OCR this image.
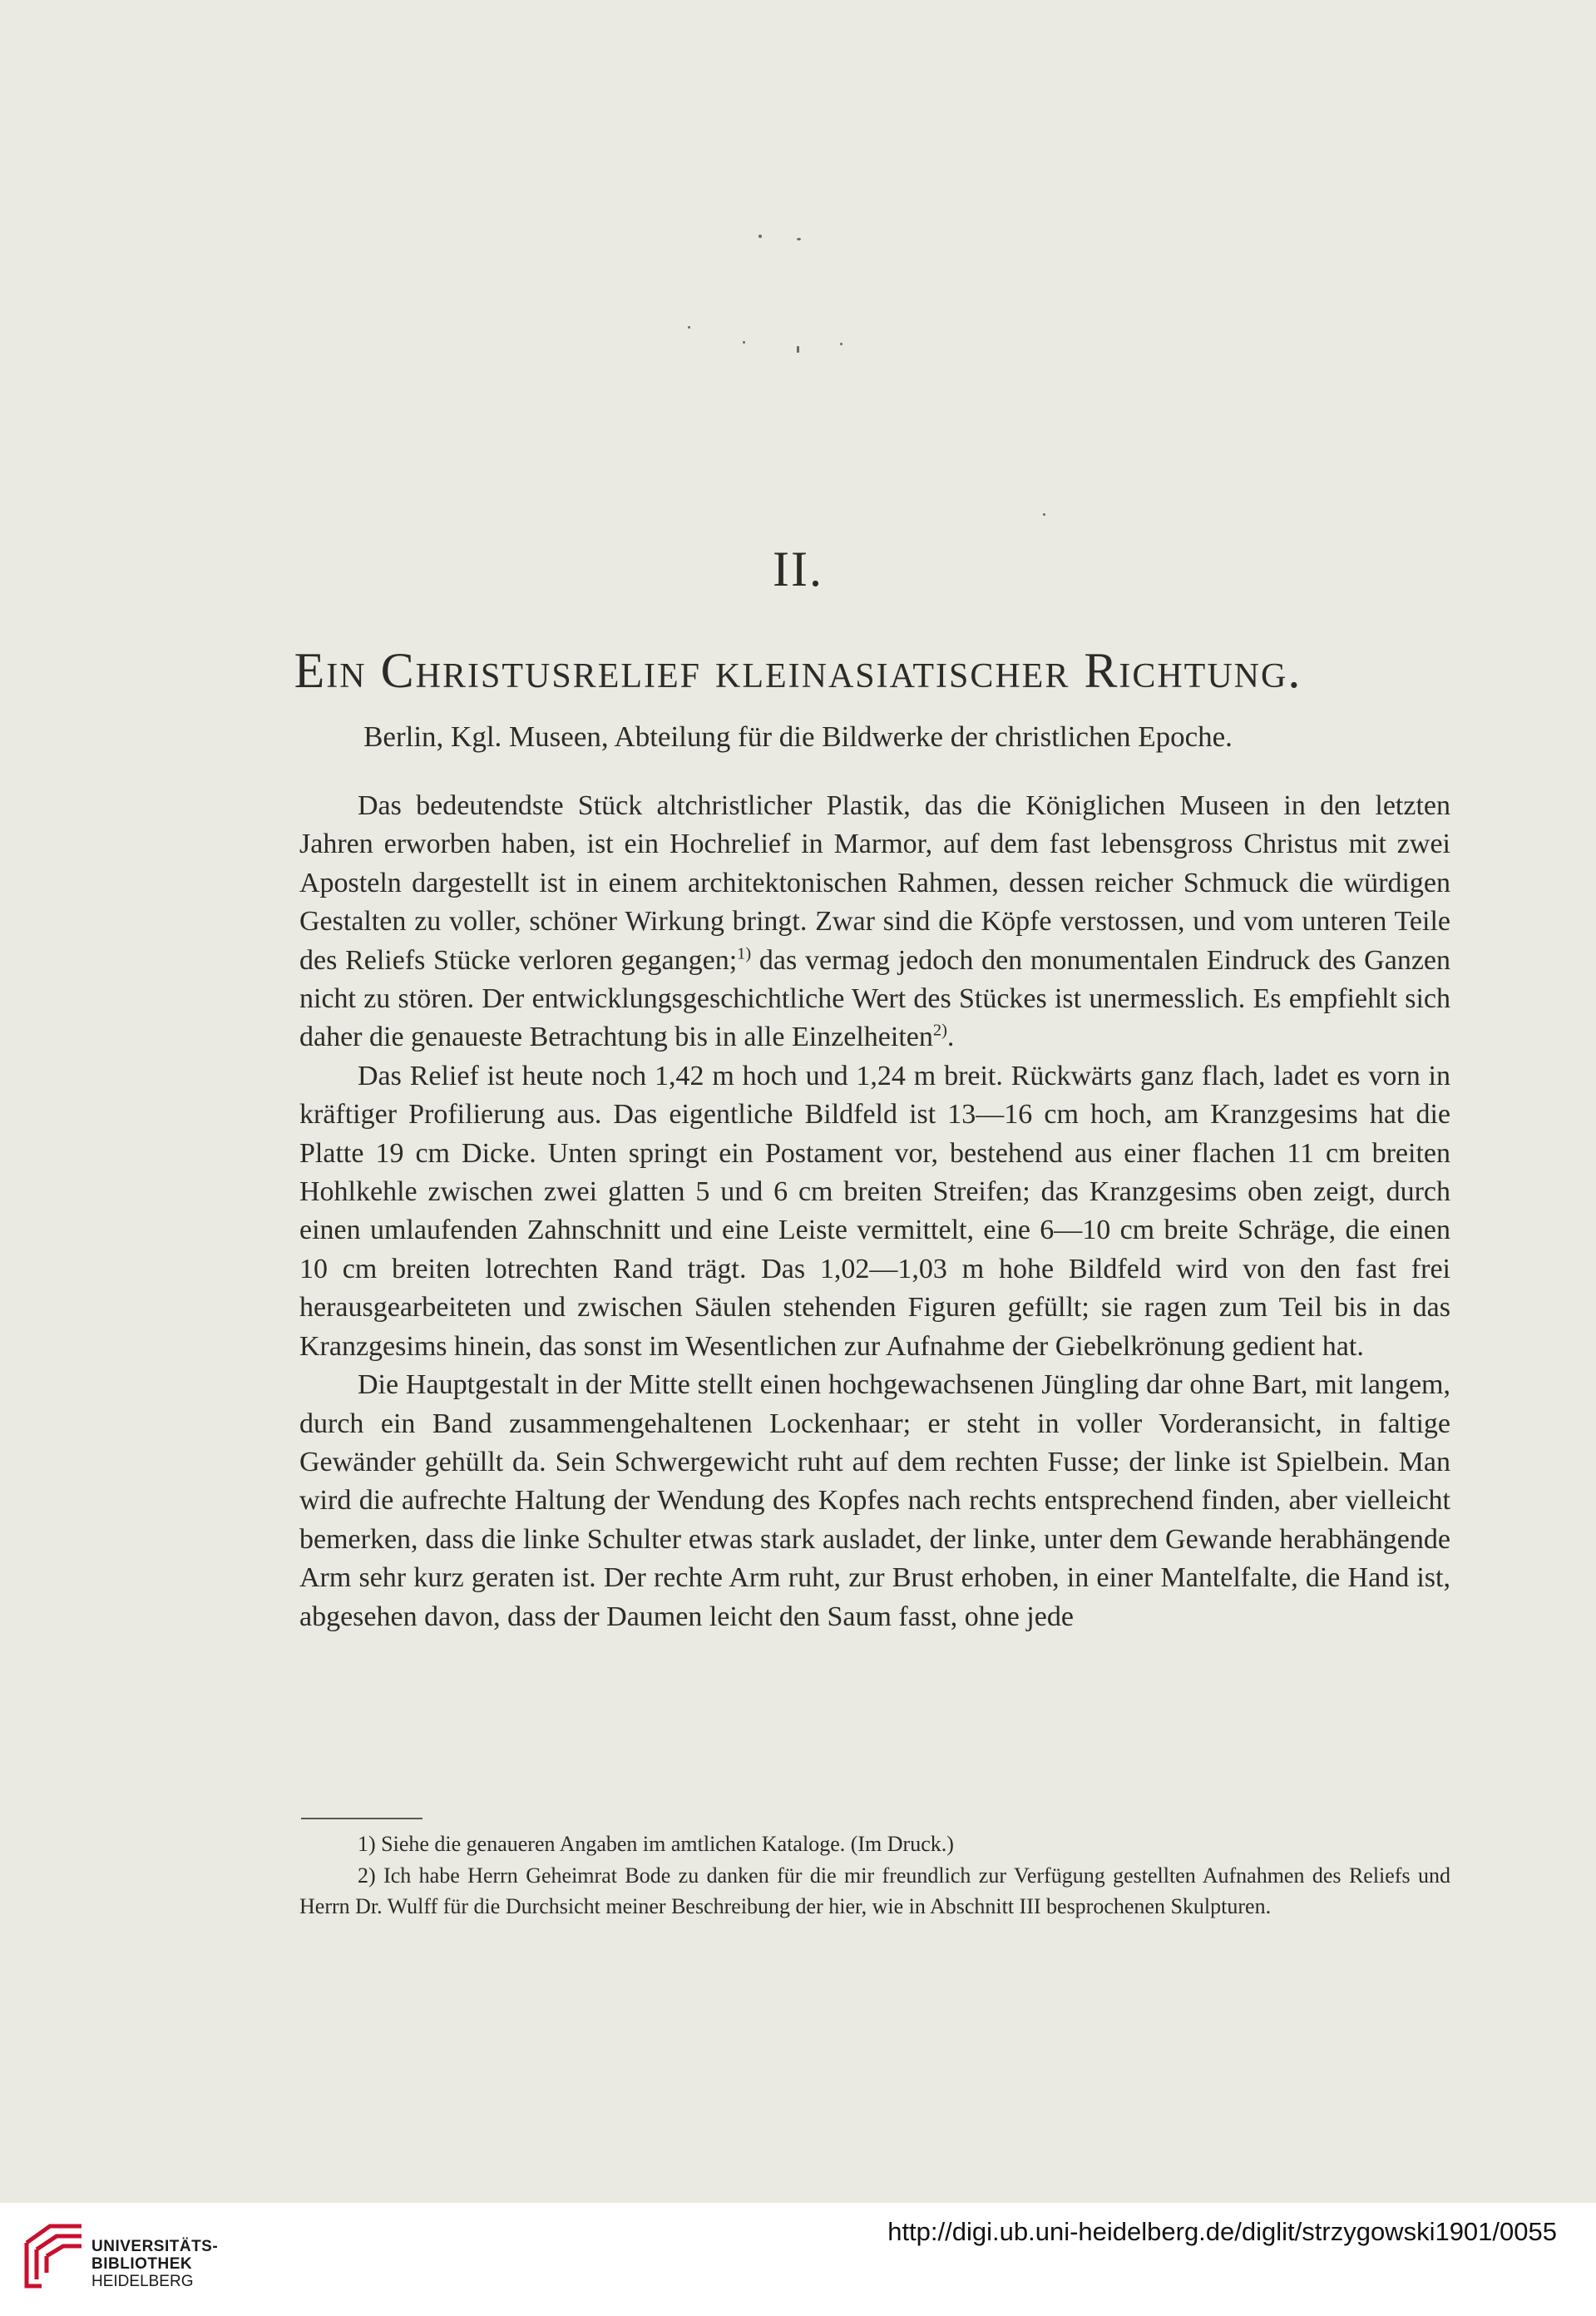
II.
Ein Christusrelief kleinasiatischer Richtung.

Berlin, Kgl. Museen, Abteilung für die Bildwerke der christlichen Epoche.

Das bedeutendste Stück altchristlicher Plastik, das die Königlichen Museen in den letzten Jahren erworben haben, ist ein Hochrelief in Marmor, auf dem fast lebensgross Christus mit zwei Aposteln dargestellt ist in einem architektonischen Rahmen, dessen reicher Schmuck die würdigen Gestalten zu voller, schöner Wirkung bringt. Zwar sind die Köpfe verstossen, und vom unteren Teile des Reliefs Stücke verloren gegangen;$^{1)}$ das vermag jedoch den monumentalen Eindruck des Ganzen nicht zu stören. Der entwicklungsgeschichtliche Wert des Stückes ist unermesslich. Es empfiehlt sich daher die genaueste Betrachtung bis in alle Einzelheiten$^{2)}$.

Das Relief ist heute noch 1,42 m hoch und 1,24 m breit. Rückwärts ganz flach, ladet es vorn in kräftiger Profilierung aus. Das eigentliche Bildfeld ist 13—16 cm hoch, am Kranzgesims hat die Platte 19 cm Dicke. Unten springt ein Postament vor, bestehend aus einer flachen 11 cm breiten Hohlkehle zwischen zwei glatten 5 und 6 cm breiten Streifen; das Kranzgesims oben zeigt, durch einen umlaufenden Zahnschnitt und eine Leiste vermittelt, eine 6—10 cm breite Schräge, die einen 10 cm breiten lotrechten Rand trägt. Das 1,02—1,03 m hohe Bildfeld wird von den fast frei herausgearbeiteten und zwischen Säulen stehenden Figuren gefüllt; sie ragen zum Teil bis in das Kranzgesims hinein, das sonst im Wesentlichen zur Aufnahme der Giebelkrönung gedient hat.

Die Hauptgestalt in der Mitte stellt einen hochgewachsenen Jüngling dar ohne Bart, mit langem, durch ein Band zusammengehaltenen Lockenhaar; er steht in voller Vorderansicht, in faltige Gewänder gehüllt da. Sein Schwergewicht ruht auf dem rechten Fusse; der linke ist Spielbein. Man wird die aufrechte Haltung der Wendung des Kopfes nach rechts entsprechend finden, aber vielleicht bemerken, dass die linke Schulter etwas stark ausladet, der linke, unter dem Gewande herabhängende Arm sehr kurz geraten ist. Der rechte Arm ruht, zur Brust erhoben, in einer Mantelfalte, die Hand ist, abgesehen davon, dass der Daumen leicht den Saum fasst, ohne jede

1) Siehe die genaueren Angaben im amtlichen Kataloge. (Im Druck.)

2) Ich habe Herrn Geheimrat Bode zu danken für die mir freundlich zur Verfügung gestellten Aufnahmen des Reliefs und Herrn Dr. Wulff für die Durchsicht meiner Beschreibung der hier, wie in Abschnitt III besprochenen Skulpturen.

UNIVERSITÄTS-
BIBLIOTHEK
HEIDELBERG
http://digi.ub.uni-heidelberg.de/diglit/strzygowski1901/0055
